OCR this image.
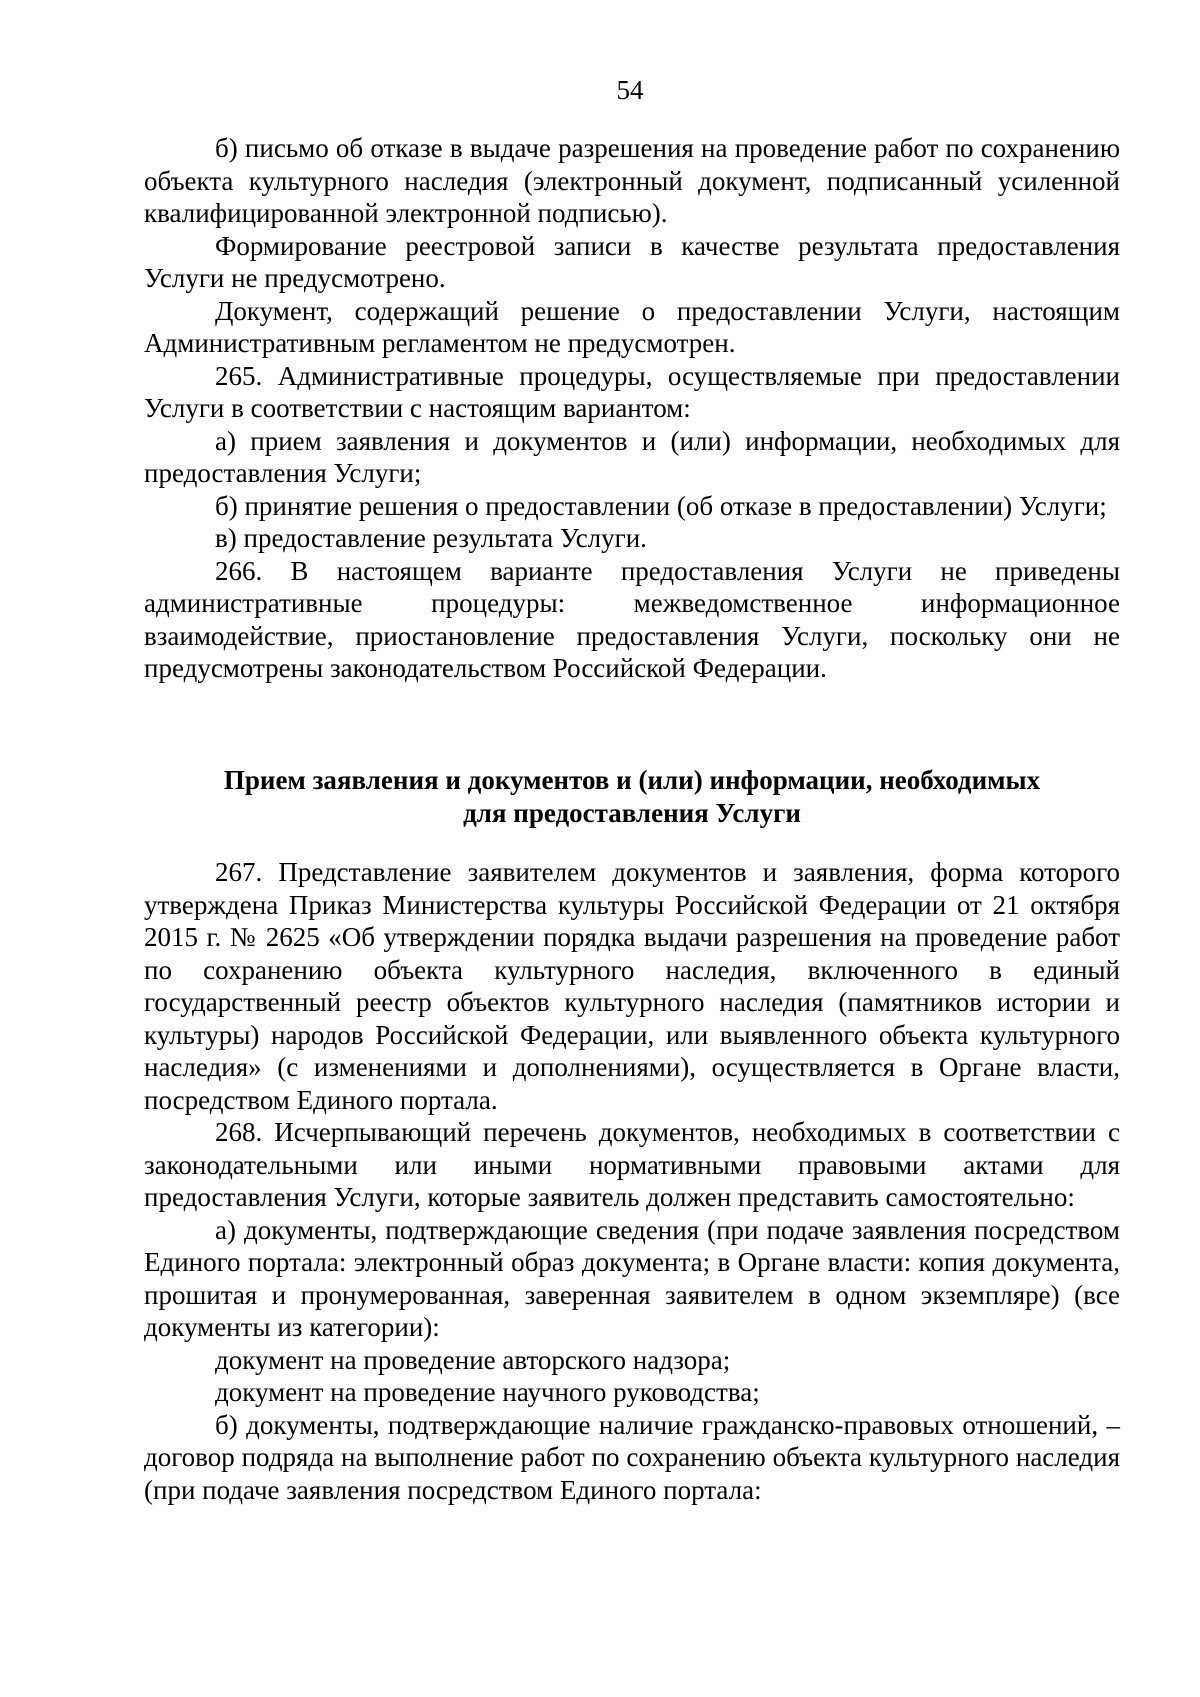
54

б) письмо об отказе в выдаче разрешения на проведение работ по сохранению объекта культурного наследия (электронный документ, подписанный усиленной квалифицированной электронной подписью).

Формирование реестровой записи в качестве результата предоставления Услуги не предусмотрено.

Документ, содержащий решение о предоставлении Услуги, настоящим Административным регламентом не предусмотрен.

265. Административные процедуры, осуществляемые при предоставлении Услуги в соответствии с настоящим вариантом:

а) прием заявления и документов и (или) информации, необходимых для предоставления Услуги;

б) принятие решения о предоставлении (об отказе в предоставлении) Услуги;

в) предоставление результата Услуги.

266. В настоящем варианте предоставления Услуги не приведены административные процедуры: межведомственное информационное взаимодействие, приостановление предоставления Услуги, поскольку они не предусмотрены законодательством Российской Федерации.

Прием заявления и документов и (или) информации, необходимых
для предоставления Услуги

267. Представление заявителем документов и заявления, форма которого утверждена Приказ Министерства культуры Российской Федерации от 21 октября 2015 г. № 2625 «Об утверждении порядка выдачи разрешения на проведение работ по сохранению объекта культурного наследия, включенного в единый государственный реестр объектов культурного наследия (памятников истории и культуры) народов Российской Федерации, или выявленного объекта культурного наследия» (с изменениями и дополнениями), осуществляется в Органе власти, посредством Единого портала.

268. Исчерпывающий перечень документов, необходимых в соответствии с законодательными или иными нормативными правовыми актами для предоставления Услуги, которые заявитель должен представить самостоятельно:

а) документы, подтверждающие сведения (при подаче заявления посредством Единого портала: электронный образ документа; в Органе власти: копия документа, прошитая и пронумерованная, заверенная заявителем в одном экземпляре) (все документы из категории):

документ на проведение авторского надзора;

документ на проведение научного руководства;

б) документы, подтверждающие наличие гражданско-правовых отношений, – договор подряда на выполнение работ по сохранению объекта культурного наследия (при подаче заявления посредством Единого портала:
